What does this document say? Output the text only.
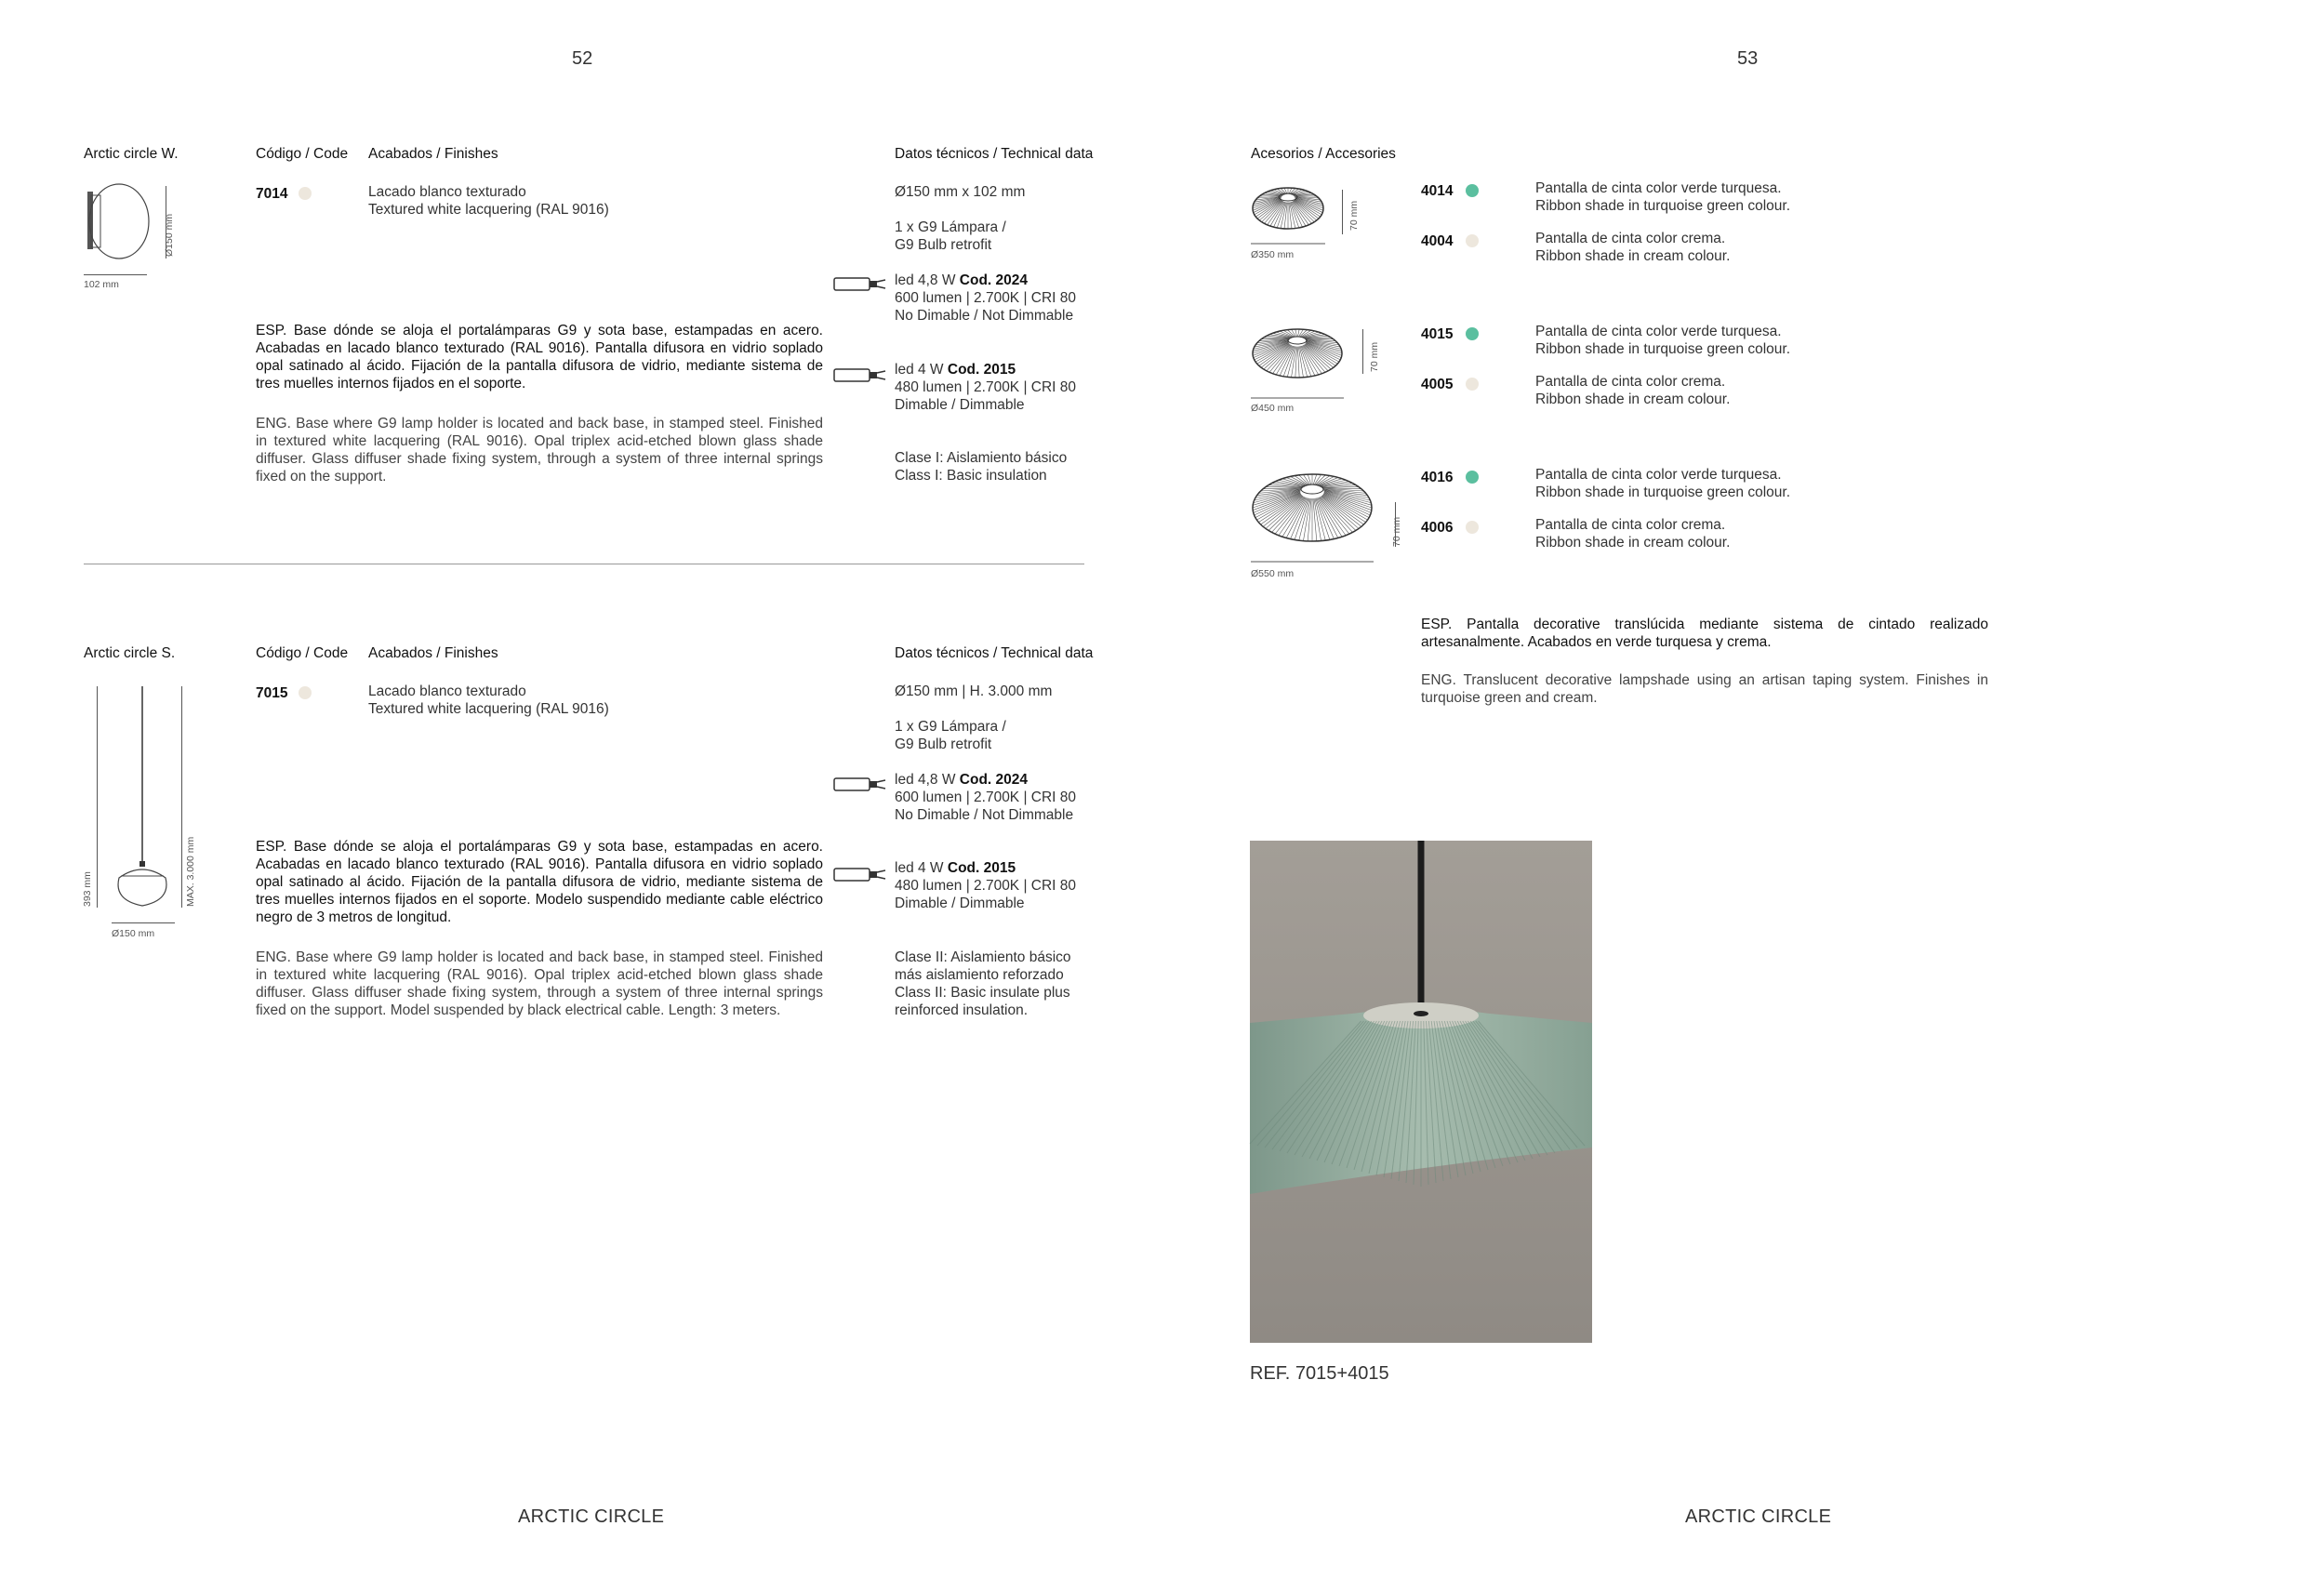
52	53
Arctic circle W.	Código / Code Acabados / Finishes	Datos técnicos / Technical data
Ø150 mm
102 mm
7014	Lacado blanco texturado
Textured white lacquering (RAL 9016)
Ø150 mm x 102 mm
1 x G9 Lámpara /
G9 Bulb retrofit
led 4,8 W Cod. 2024
600 lumen | 2.700K | CRI 80
No Dimable / Not Dimmable
led 4 W Cod. 2015
480 lumen | 2.700K | CRI 80
Dimable / Dimmable
Clase I: Aislamiento básico
Class I: Basic insulation
ESP. Base dónde se aloja el portalámparas G9 y sota base, estampadas en acero. Acabadas en lacado blanco texturado (RAL 9016). Pantalla difusora en vidrio soplado opal satinado al ácido. Fijación de la pantalla difusora de vidrio, mediante sistema de tres muelles internos fijados en el soporte.
ENG. Base where G9 lamp holder is located and back base, in stamped steel. Finished in textured white lacquering (RAL 9016). Opal triplex acid-etched blown glass shade diffuser. Glass diffuser shade fixing system, through a system of three internal springs fixed on the support.
Arctic circle S.	Código / Code Acabados / Finishes	Datos técnicos / Technical data
393 mm	MAX. 3.000 mm
Ø150 mm
7015	Lacado blanco texturado
Textured white lacquering (RAL 9016)
Ø150 mm | H. 3.000 mm
1 x G9 Lámpara /
G9 Bulb retrofit
led 4,8 W Cod. 2024
600 lumen | 2.700K | CRI 80
No Dimable / Not Dimmable
led 4 W Cod. 2015
480 lumen | 2.700K | CRI 80
Dimable / Dimmable
Clase II: Aislamiento básico
más aislamiento reforzado
Class II: Basic insulate plus
reinforced insulation.
ESP. Base dónde se aloja el portalámparas G9 y sota base, estampadas en acero. Acabadas en lacado blanco texturado (RAL 9016). Pantalla difusora en vidrio soplado opal satinado al ácido. Fijación de la pantalla difusora de vidrio, mediante sistema de tres muelles internos fijados en el soporte. Modelo suspendido mediante cable eléctrico negro de 3 metros de longitud.
ENG. Base where G9 lamp holder is located and back base, in stamped steel. Finished in textured white lacquering (RAL 9016). Opal triplex acid-etched blown glass shade diffuser. Glass diffuser shade fixing system, through a system of three internal springs fixed on the support. Model suspended by black electrical cable. Length: 3 meters.
ARCTIC CIRCLE
Acesorios / Accesories
70 mm
Ø350 mm
70 mm
Ø450 mm
70 mm
Ø550 mm
4014	Pantalla de cinta color verde turquesa.
Ribbon shade in turquoise green colour.
4004	Pantalla de cinta color crema.
Ribbon shade in cream colour.
4015	Pantalla de cinta color verde turquesa.
Ribbon shade in turquoise green colour.
4005	Pantalla de cinta color crema.
Ribbon shade in cream colour.
4016	Pantalla de cinta color verde turquesa.
Ribbon shade in turquoise green colour.
4006	Pantalla de cinta color crema.
Ribbon shade in cream colour.
ESP. Pantalla decorative translúcida mediante sistema de cintado realizado artesanalmente. Acabados en verde turquesa y crema.
ENG. Translucent decorative lampshade using an artisan taping system. Finishes in turquoise green and cream.
REF. 7015+4015
ARCTIC CIRCLE
